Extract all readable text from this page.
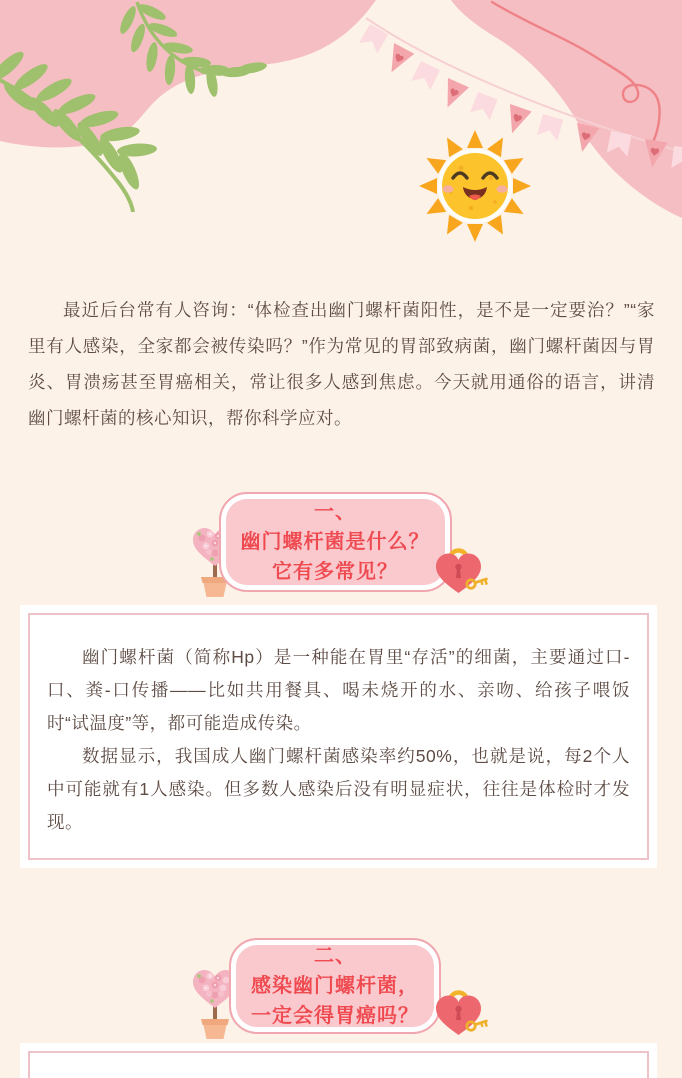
最近后台常有人咨询：“体检查出幽门螺杆菌阳性，是不是一定要治？”“家里有人感染，全家都会被传染吗？”作为常见的胃部致病菌，幽门螺杆菌因与胃炎、胃溃疡甚至胃癌相关，常让很多人感到焦虑。今天就用通俗的语言，讲清幽门螺杆菌的核心知识，帮你科学应对。

一、
幽门螺杆菌是什么？
它有多常见？

幽门螺杆菌（简称Hp）是一种能在胃里“存活”的细菌，主要通过口-口、粪-口传播——比如共用餐具、喝未烧开的水、亲吻、给孩子喂饭时“试温度”等，都可能造成传染。

数据显示，我国成人幽门螺杆菌感染率约50%，也就是说，每2个人中可能就有1人感染。但多数人感染后没有明显症状，往往是体检时才发现。

二、
感染幽门螺杆菌，
一定会得胃癌吗？
